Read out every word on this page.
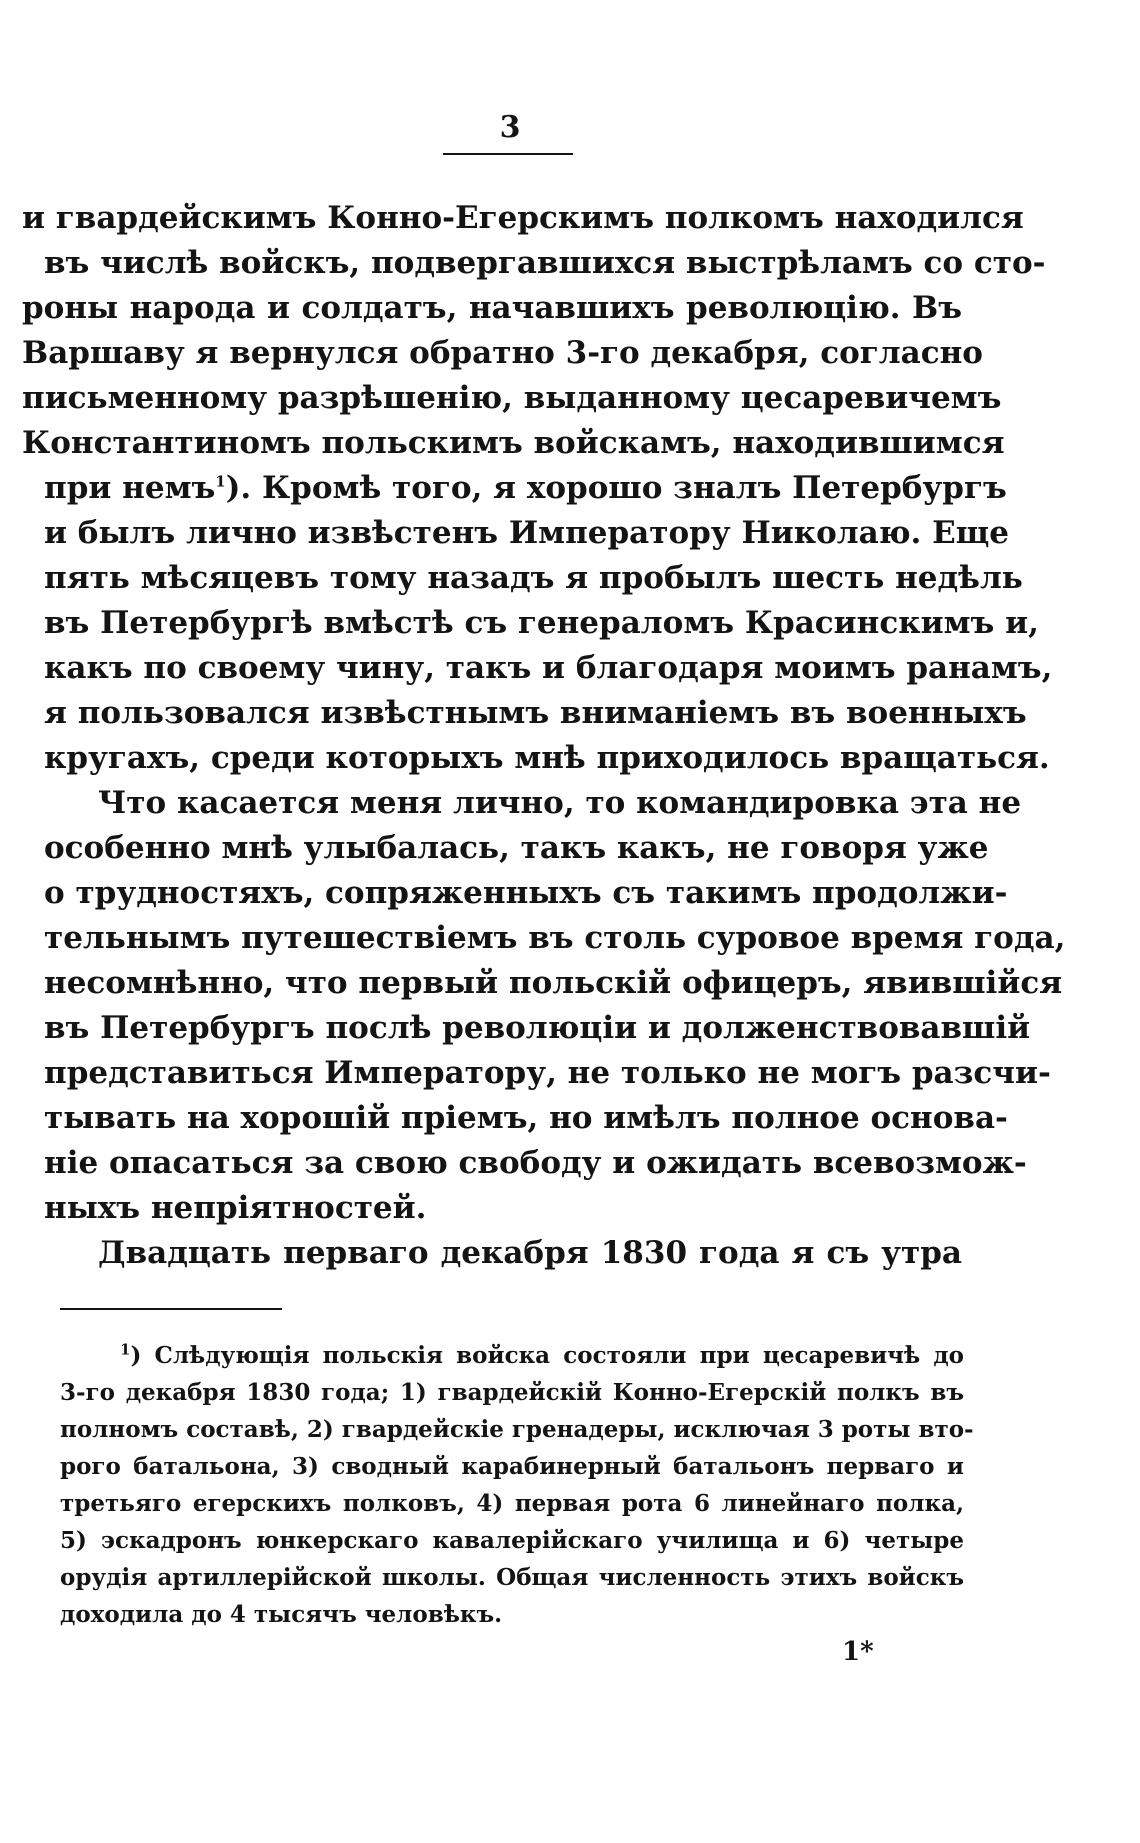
3
и гвардейскимъ Конно-Егерскимъ полкомъ находился
въ числѣ войскъ, подвергавшихся выстрѣламъ со сто-
роны народа и солдатъ, начавшихъ революцію. Въ
Варшаву я вернулся обратно 3-го декабря, согласно
письменному разрѣшенію, выданному цесаревичемъ
Константиномъ польскимъ войскамъ, находившимся
при немъ$^1$). Кромѣ того, я хорошо зналъ Петербургъ
и былъ лично извѣстенъ Императору Николаю. Еще
пять мѣсяцевъ тому назадъ я пробылъ шесть недѣль
въ Петербургѣ вмѣстѣ съ генераломъ Красинскимъ и,
какъ по своему чину, такъ и благодаря моимъ ранамъ,
я пользовался извѣстнымъ вниманіемъ въ военныхъ
кругахъ, среди которыхъ мнѣ приходилось вращаться.
Что касается меня лично, то командировка эта не
особенно мнѣ улыбалась, такъ какъ, не говоря уже
о трудностяхъ, сопряженныхъ съ такимъ продолжи-
тельнымъ путешествіемъ въ столь суровое время года,
несомнѣнно, что первый польскій офицеръ, явившійся
въ Петербургъ послѣ революціи и долженствовавшій
представиться Императору, не только не могъ разсчи-
тывать на хорошій пріемъ, но имѣлъ полное основа-
ніе опасаться за свою свободу и ожидать всевозмож-
ныхъ непріятностей.
Двадцать перваго декабря 1830 года я съ утра
$^1$) Слѣдующія польскія войска состояли при цесаревичѣ до
3-го декабря 1830 года; 1) гвардейскій Конно-Егерскій полкъ въ
полномъ составѣ, 2) гвардейскіе гренадеры, исключая 3 роты вто-
рого батальона, 3) сводный карабинерный батальонъ перваго и
третьяго егерскихъ полковъ, 4) первая рота 6 линейнаго полка,
5) эскадронъ юнкерскаго кавалерійскаго училища и 6) четыре
орудія артиллерійской школы. Общая численность этихъ войскъ
доходила до 4 тысячъ человѣкъ.
1*
